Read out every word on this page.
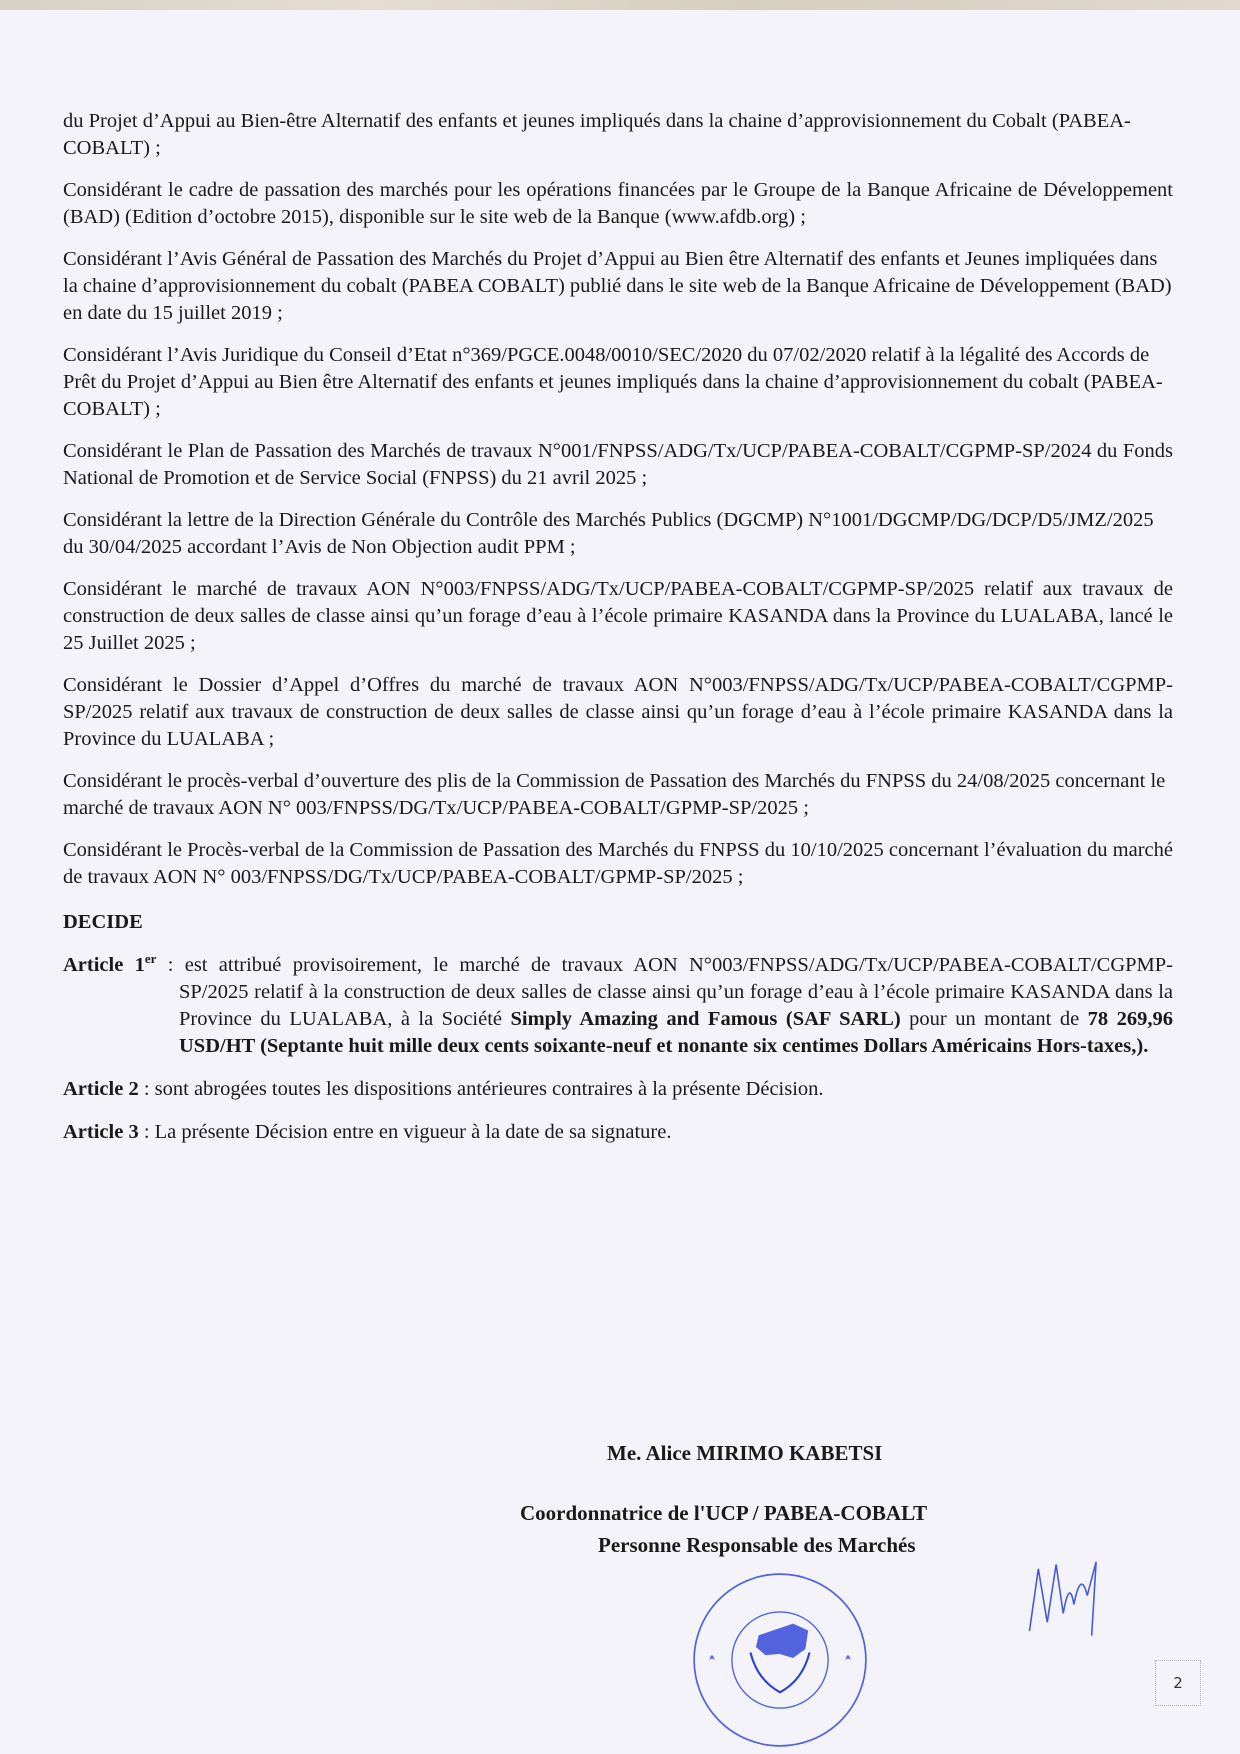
du Projet d’Appui au Bien-être Alternatif des enfants et jeunes impliqués dans la chaine d’approvisionnement du Cobalt (PABEA- COBALT) ;

Considérant le cadre de passation des marchés pour les opérations financées par le Groupe de la Banque Africaine de Développement (BAD) (Edition d’octobre 2015), disponible sur le site web de la Banque (www.afdb.org) ;

Considérant l’Avis Général de Passation des Marchés du Projet d’Appui au Bien être Alternatif des enfants et Jeunes impliquées dans la chaine d’approvisionnement du cobalt (PABEA COBALT) publié dans le site web de la Banque Africaine de Développement (BAD) en date du 15 juillet 2019 ;

Considérant l’Avis Juridique du Conseil d’Etat n°369/PGCE.0048/0010/SEC/2020 du 07/02/2020 relatif à la légalité des Accords de Prêt du Projet d’Appui au Bien être Alternatif des enfants et jeunes impliqués dans la chaine d’approvisionnement du cobalt (PABEA- COBALT) ;

Considérant le Plan de Passation des Marchés de travaux N°001/FNPSS/ADG/Tx/UCP/PABEA-COBALT/CGPMP-SP/2024 du Fonds National de Promotion et de Service Social (FNPSS) du 21 avril 2025 ;

Considérant la lettre de la Direction Générale du Contrôle des Marchés Publics (DGCMP) N°1001/DGCMP/DG/DCP/D5/JMZ/2025 du 30/04/2025 accordant l’Avis de Non Objection audit PPM ;

Considérant le marché de travaux AON N°003/FNPSS/ADG/Tx/UCP/PABEA-COBALT/CGPMP-SP/2025 relatif aux travaux de construction de deux salles de classe ainsi qu’un forage d’eau à l’école primaire KASANDA dans la Province du LUALABA, lancé le 25 Juillet 2025 ;

Considérant le Dossier d’Appel d’Offres du marché de travaux AON N°003/FNPSS/ADG/Tx/UCP/PABEA-COBALT/CGPMP-SP/2025 relatif aux travaux de construction de deux salles de classe ainsi qu’un forage d’eau à l’école primaire KASANDA dans la Province du LUALABA ;

Considérant le procès-verbal d’ouverture des plis de la Commission de Passation des Marchés du FNPSS du 24/08/2025 concernant le marché de travaux AON N° 003/FNPSS/DG/Tx/UCP/PABEA-COBALT/GPMP-SP/2025 ;

Considérant le Procès-verbal de la Commission de Passation des Marchés du FNPSS du 10/10/2025 concernant l’évaluation du marché de travaux AON N° 003/FNPSS/DG/Tx/UCP/PABEA-COBALT/GPMP-SP/2025 ;

DECIDE

Article 1er : est attribué provisoirement, le marché de travaux AON N°003/FNPSS/ADG/Tx/UCP/PABEA-COBALT/CGPMP-SP/2025 relatif à la construction de deux salles de classe ainsi qu’un forage d’eau à l’école primaire KASANDA dans la Province du LUALABA, à la Société Simply Amazing and Famous (SAF SARL) pour un montant de 78 269,96 USD/HT (Septante huit mille deux cents soixante-neuf et nonante six centimes Dollars Américains Hors-taxes,).

Article 2 : sont abrogées toutes les dispositions antérieures contraires à la présente Décision.

Article 3 : La présente Décision entre en vigueur à la date de sa signature.

Me. Alice MIRIMO KABETSI
Coordonnatrice de l'UCP / PABEA-COBALT
Personne Responsable des Marchés
2
